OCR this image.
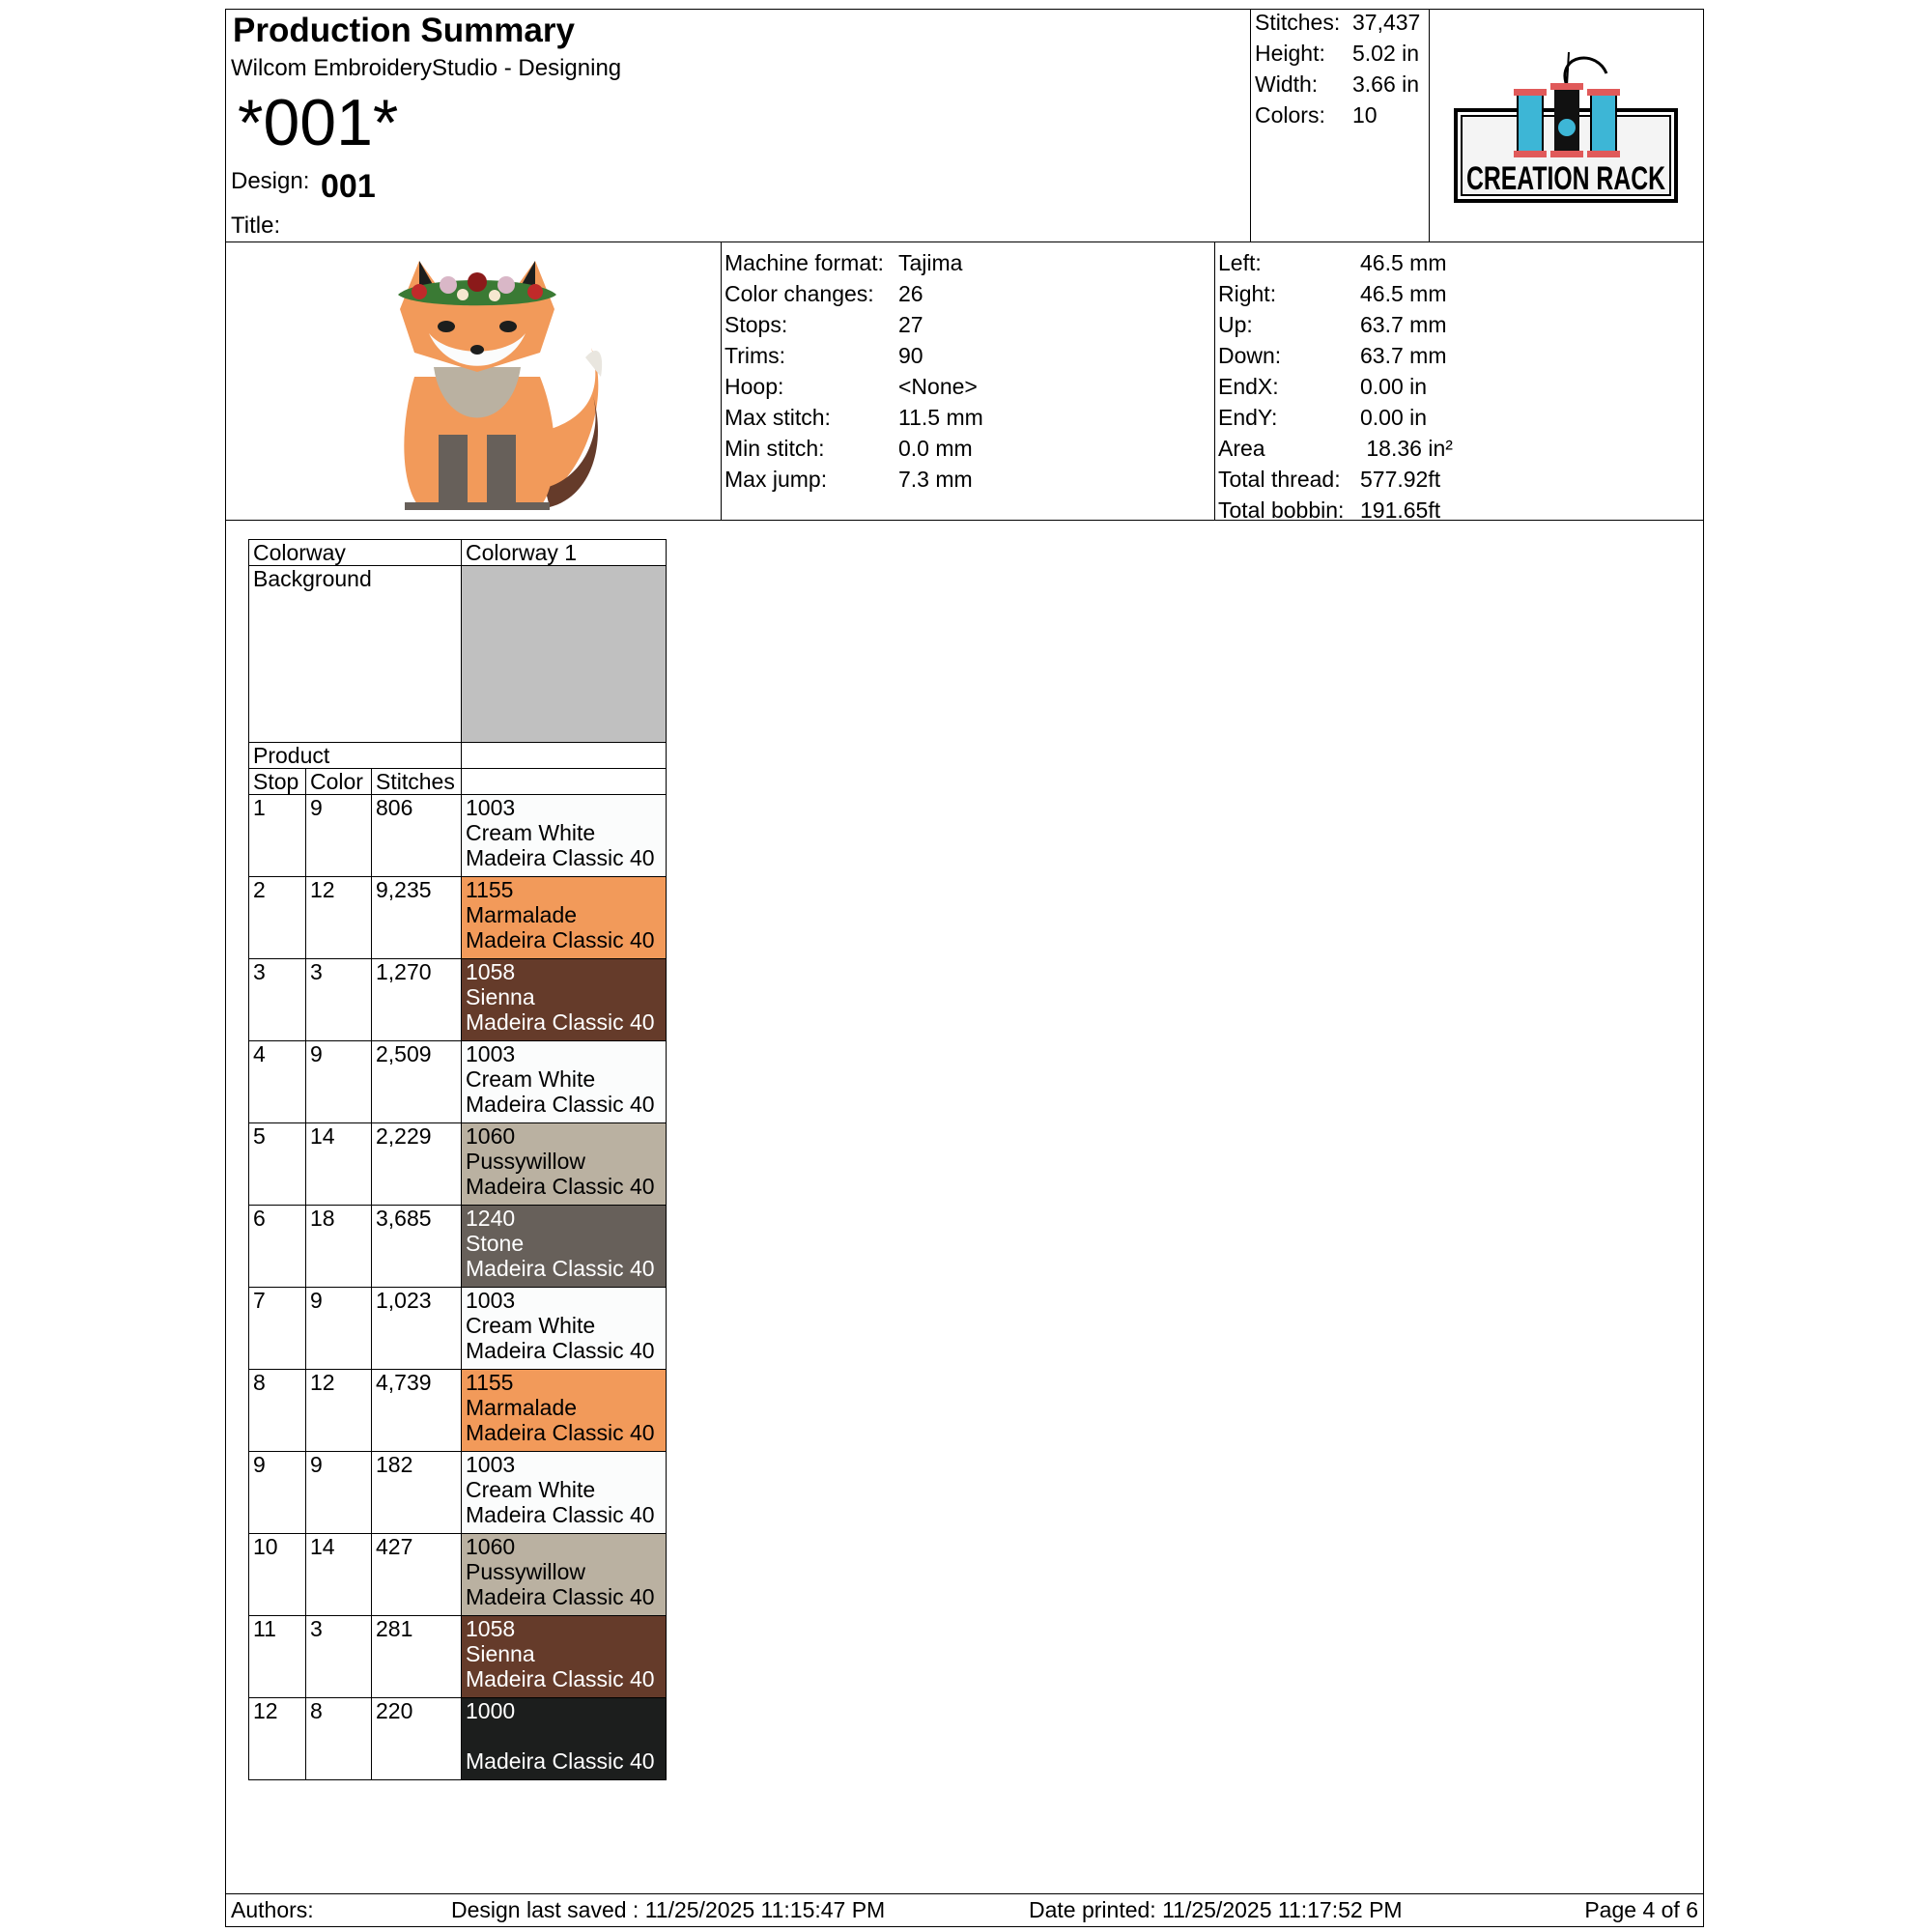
Production Summary
Wilcom EmbroideryStudio - Designing
*001*
Design: 001
Title:
Stitches: 37,437
Height: 5.02 in
Width: 3.66 in
Colors: 10
CREATION RACK
Machine format: Tajima
Color changes: 26
Stops:	27
Trims:	90
Hoop:	<None>
Max stitch:	11.5 mm
Min stitch:	0.0 mm
Max jump:	7.3 mm
Left:	46.5 mm
Right:	46.5 mm
Up:	63.7 mm
Down:	63.7 mm
EndX:	0.00 in
EndY:	0.00 in
Area	18.36 in²
Total thread: 577.92ft
Total bobbin: 191.65ft
Colorway			Colorway 1
Background			
Product			
Stop	Color	Stitches	
1	9	806	1003
Cream White
Madeira Classic 40

2	12	9,235	1155
Marmalade
Madeira Classic 40

3	3	1,270	1058
Sienna
Madeira Classic 40

4	9	2,509	1003
Cream White
Madeira Classic 40

5	14	2,229	1060
Pussywillow
Madeira Classic 40

6	18	3,685	1240
Stone
Madeira Classic 40

7	9	1,023	1003
Cream White
Madeira Classic 40

8	12	4,739	1155
Marmalade
Madeira Classic 40

9	9	182	1003
Cream White
Madeira Classic 40

10	14	427	1060
Pussywillow
Madeira Classic 40

11	3	281	1058
Sienna
Madeira Classic 40

12	8	220	1000
Madeira Classic 40
Authors:	Design last saved : 11/25/2025 11:15:47 PM	Date printed: 11/25/2025 11:17:52 PM	Page 4 of 6
